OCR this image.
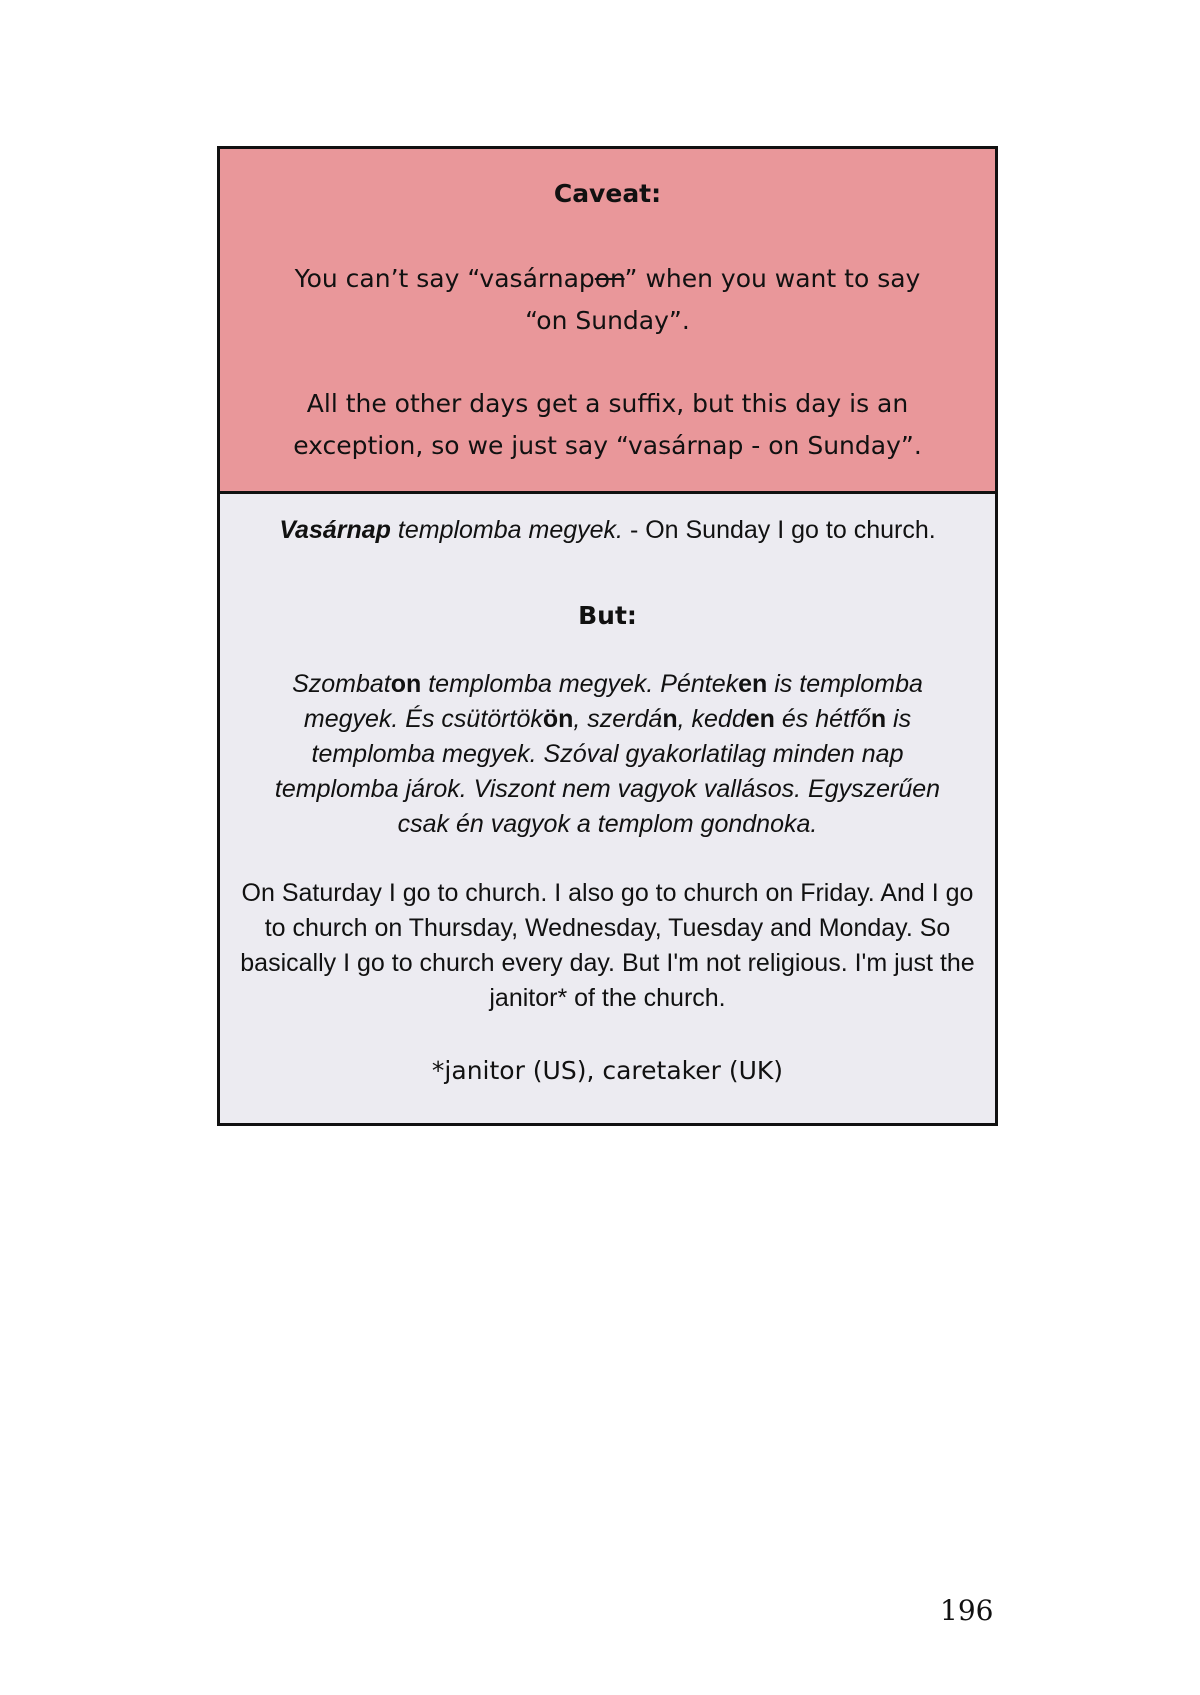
Caveat:
You can’t say “vasárnapon” when you want to say “on Sunday”.
All the other days get a suffix, but this day is an exception, so we just say “vasárnap - on Sunday”.
Vasárnap templomba megyek. - On Sunday I go to church.
But:
Szombaton templomba megyek. Pénteken is templomba megyek. És csütörtökön, szerdán, kedden és hétfőn is templomba megyek. Szóval gyakorlatilag minden nap templomba járok. Viszont nem vagyok vallásos. Egyszerűen csak én vagyok a templom gondnoka.
On Saturday I go to church. I also go to church on Friday. And I go to church on Thursday, Wednesday, Tuesday and Monday. So basically I go to church every day. But I'm not religious. I'm just the janitor* of the church.
*janitor (US), caretaker (UK)
196
